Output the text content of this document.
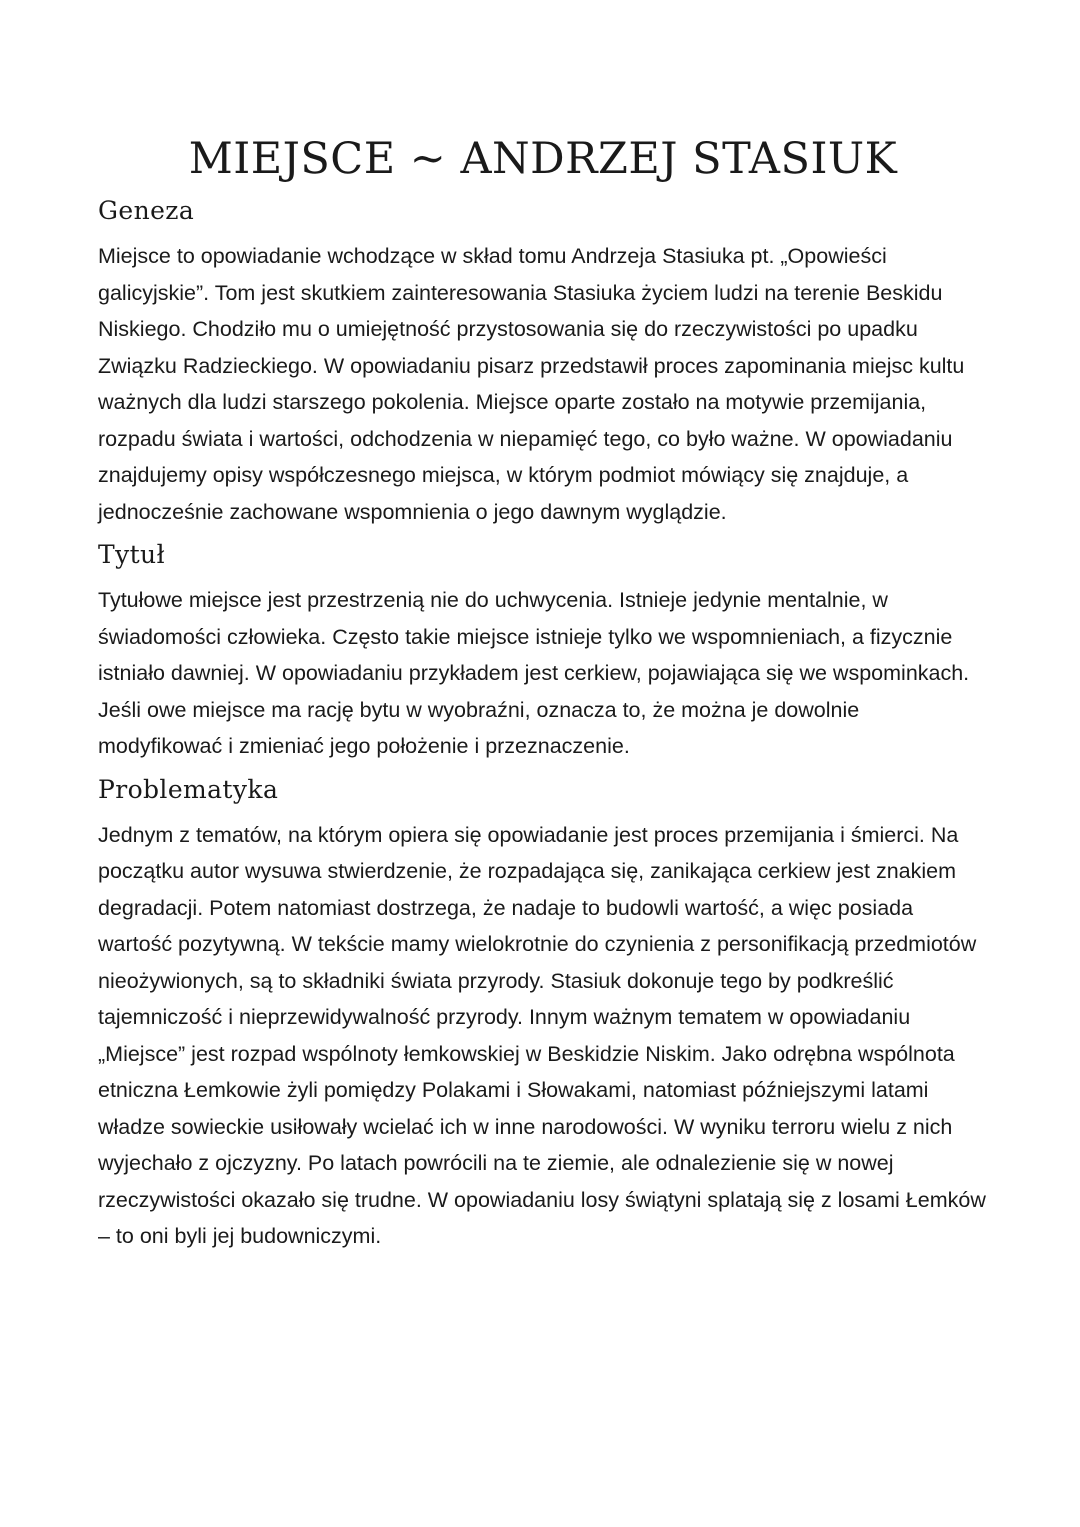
MIEJSCE ~ ANDRZEJ STASIUK
Geneza

Miejsce to opowiadanie wchodzące w skład tomu Andrzeja Stasiuka pt. „Opowieści galicyjskie”. Tom jest skutkiem zainteresowania Stasiuka życiem ludzi na terenie Beskidu Niskiego. Chodziło mu o umiejętność przystosowania się do rzeczywistości po upadku Związku Radzieckiego. W opowiadaniu pisarz przedstawił proces zapominania miejsc kultu ważnych dla ludzi starszego pokolenia. Miejsce oparte zostało na motywie przemijania, rozpadu świata i wartości, odchodzenia w niepamięć tego, co było ważne. W opowiadaniu znajdujemy opisy współczesnego miejsca, w którym podmiot mówiący się znajduje, a jednocześnie zachowane wspomnienia o jego dawnym wyglądzie.

Tytuł

Tytułowe miejsce jest przestrzenią nie do uchwycenia. Istnieje jedynie mentalnie, w świadomości człowieka. Często takie miejsce istnieje tylko we wspomnieniach, a fizycznie istniało dawniej. W opowiadaniu przykładem jest cerkiew, pojawiająca się we wspominkach. Jeśli owe miejsce ma rację bytu w wyobraźni, oznacza to, że można je dowolnie modyfikować i zmieniać jego położenie i przeznaczenie.

Problematyka

Jednym z tematów, na którym opiera się opowiadanie jest proces przemijania i śmierci. Na początku autor wysuwa stwierdzenie, że rozpadająca się, zanikająca cerkiew jest znakiem degradacji. Potem natomiast dostrzega, że nadaje to budowli wartość, a więc posiada wartość pozytywną. W tekście mamy wielokrotnie do czynienia z personifikacją przedmiotów nieożywionych, są to składniki świata przyrody. Stasiuk dokonuje tego by podkreślić tajemniczość i nieprzewidywalność przyrody. Innym ważnym tematem w opowiadaniu „Miejsce” jest rozpad wspólnoty łemkowskiej w Beskidzie Niskim. Jako odrębna wspólnota etniczna Łemkowie żyli pomiędzy Polakami i Słowakami, natomiast późniejszymi latami władze sowieckie usiłowały wcielać ich w inne narodowości. W wyniku terroru wielu z nich wyjechało z ojczyzny. Po latach powrócili na te ziemie, ale odnalezienie się w nowej rzeczywistości okazało się trudne. W opowiadaniu losy świątyni splatają się z losami Łemków – to oni byli jej budowniczymi.
